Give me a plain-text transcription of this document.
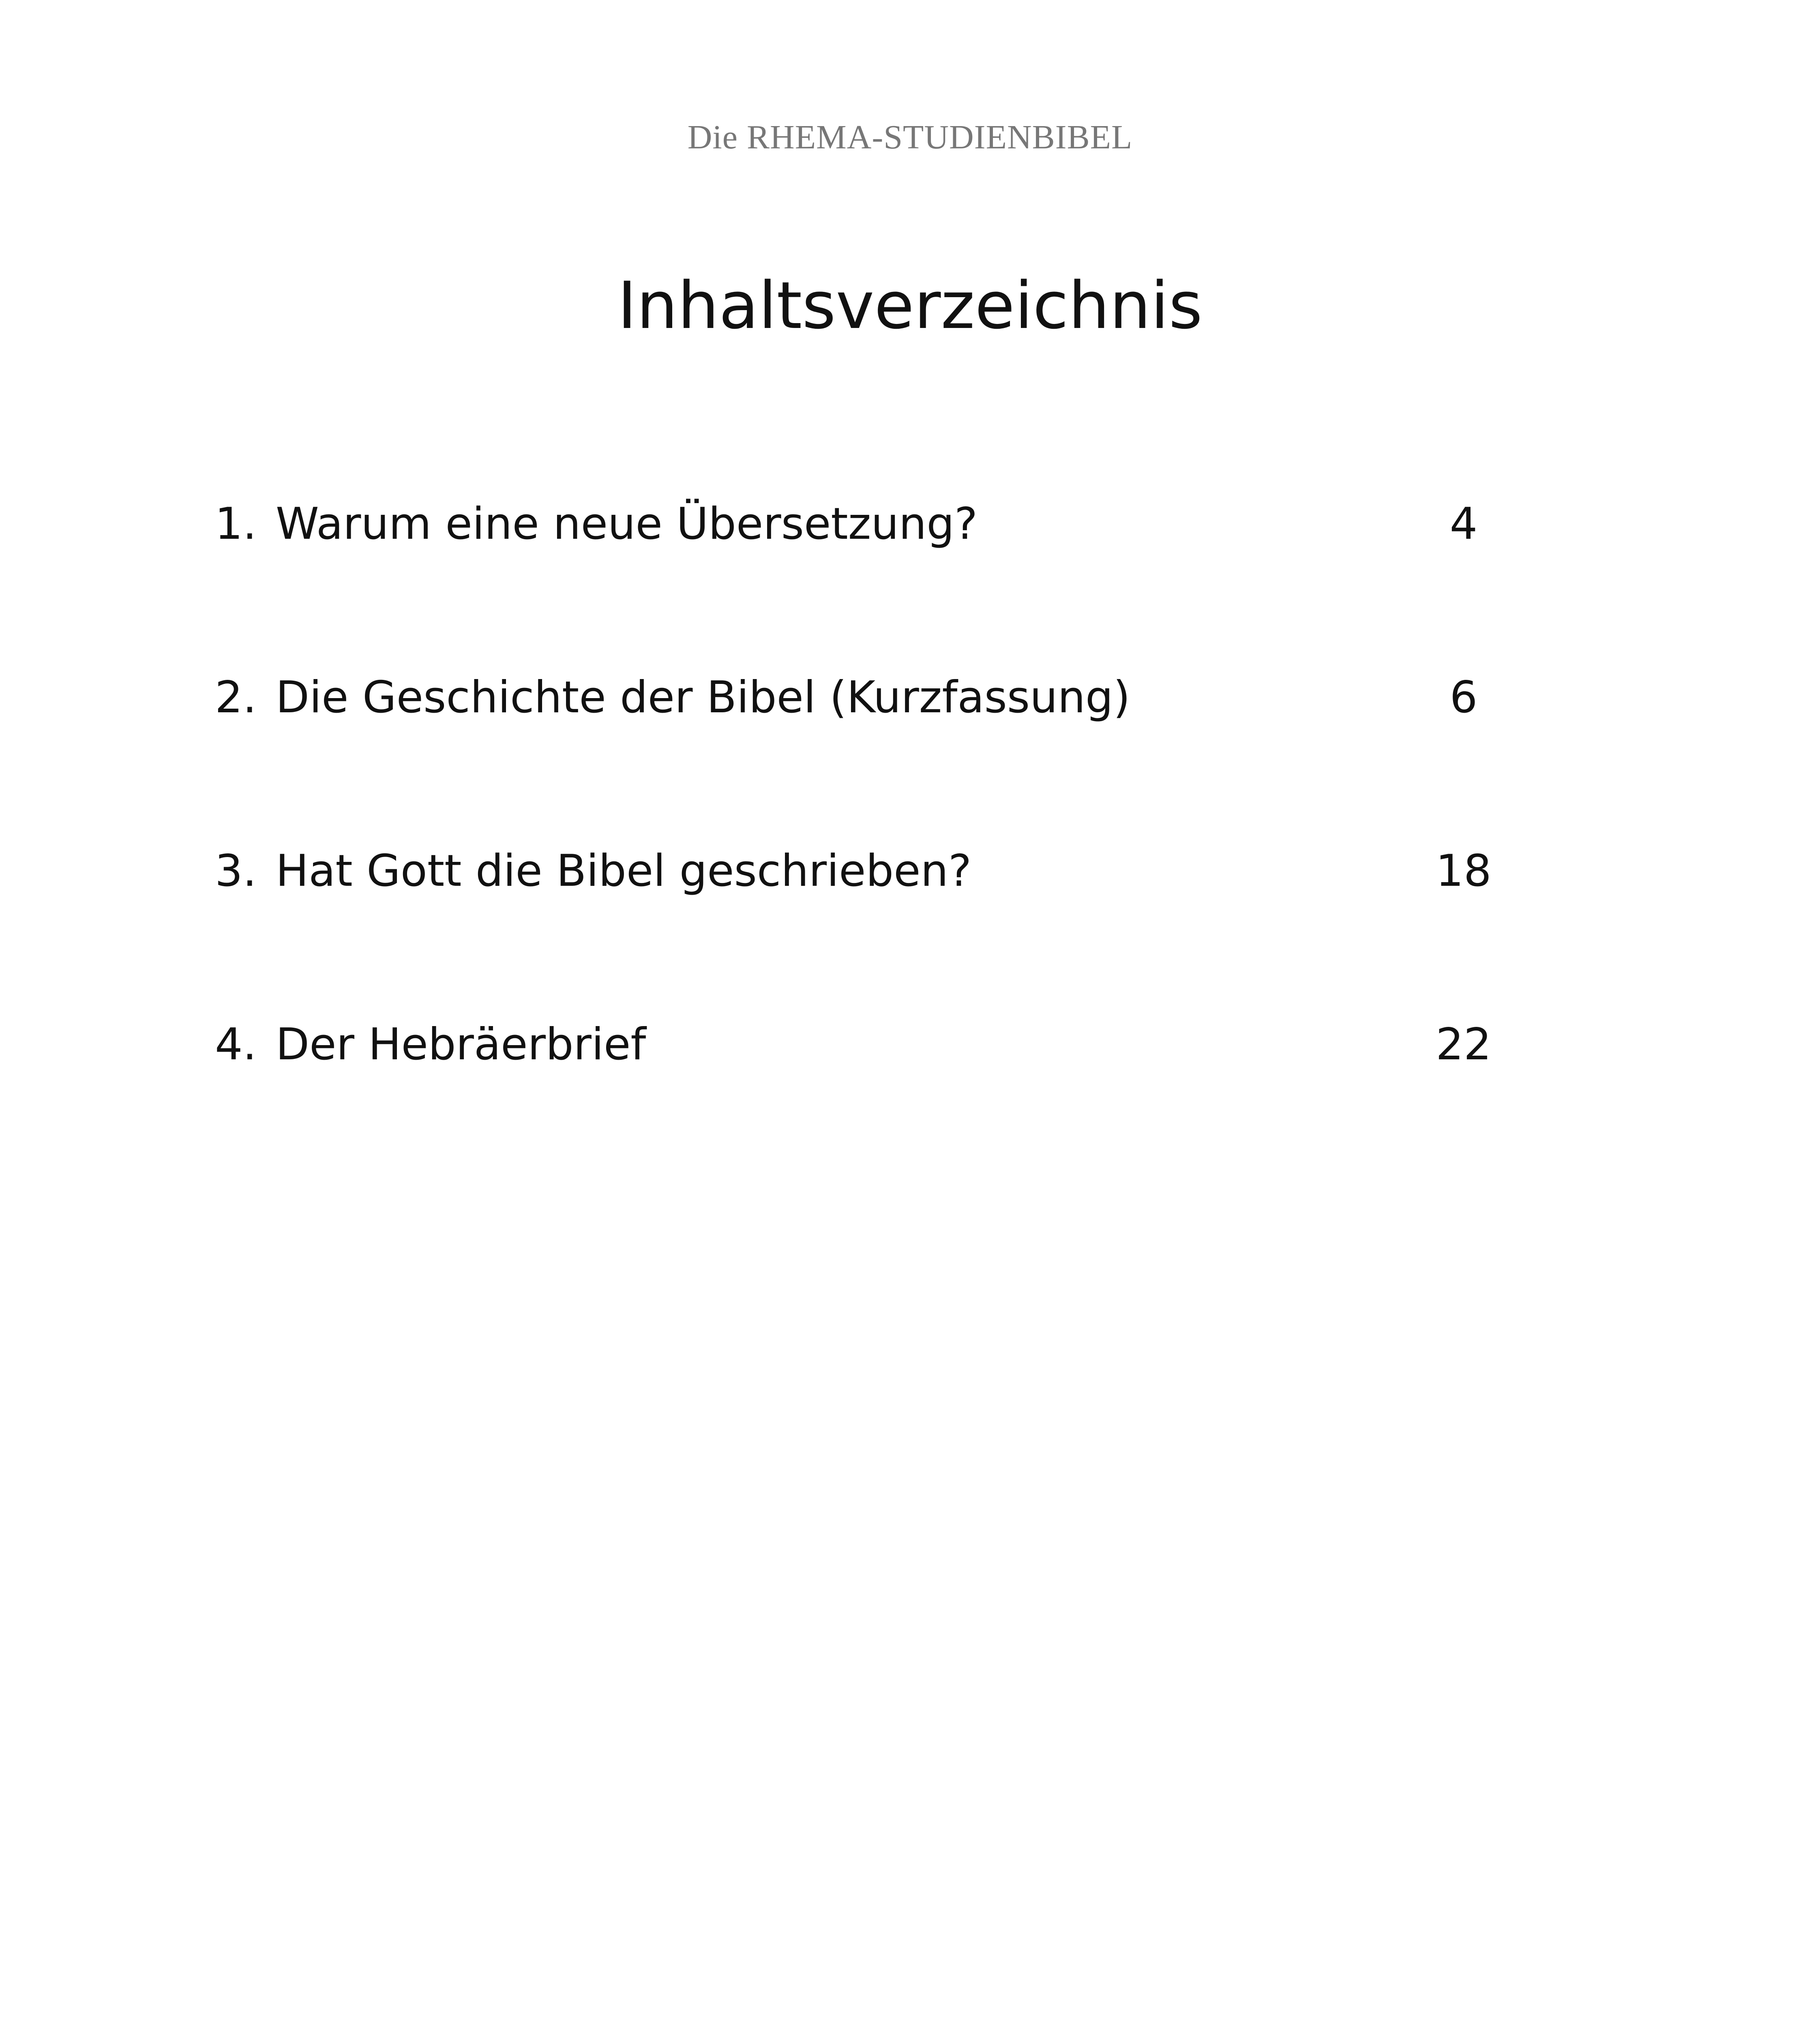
Die RHEMA-STUDIENBIBEL
Inhaltsverzeichnis
1. Warum eine neue Übersetzung?	4
2. Die Geschichte der Bibel (Kurzfassung)	6
3. Hat Gott die Bibel geschrieben?	18
4. Der Hebräerbrief	22
